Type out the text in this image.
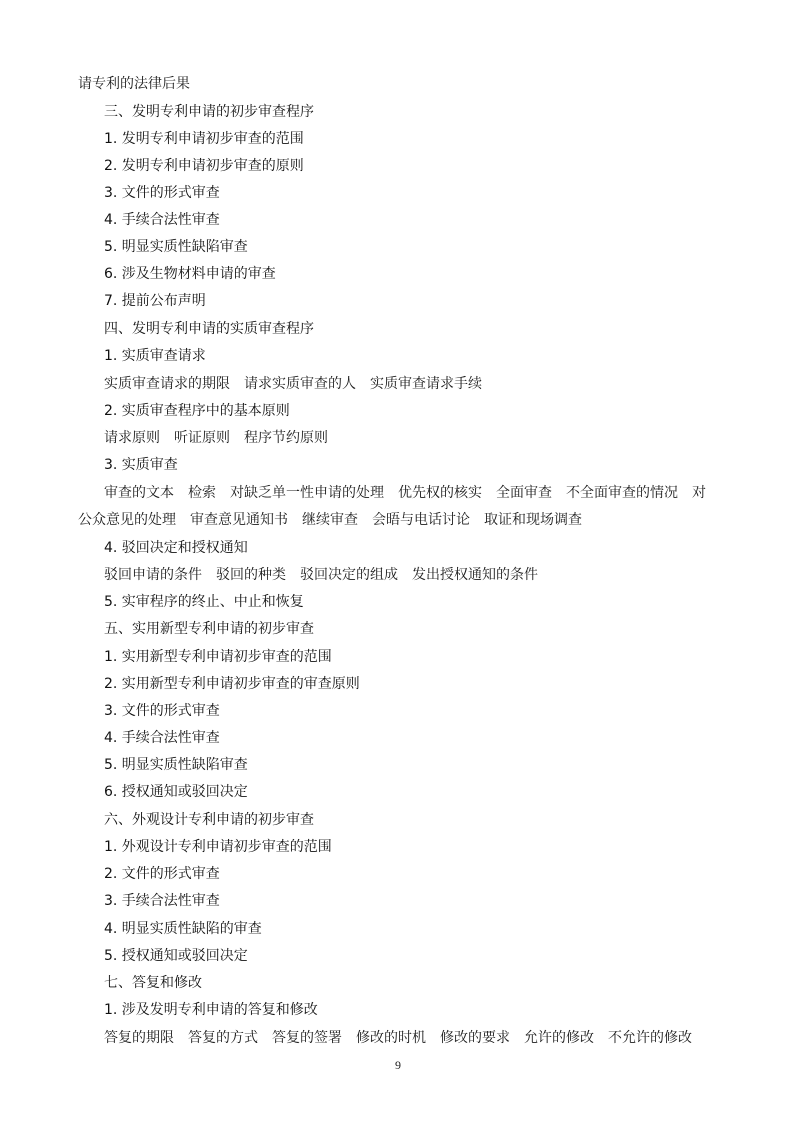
请专利的法律后果
三、发明专利申请的初步审查程序
1. 发明专利申请初步审查的范围
2. 发明专利申请初步审查的原则
3. 文件的形式审查
4. 手续合法性审查
5. 明显实质性缺陷审查
6. 涉及生物材料申请的审查
7. 提前公布声明
四、发明专利申请的实质审查程序
1. 实质审查请求
实质审查请求的期限　请求实质审查的人　实质审查请求手续
2. 实质审查程序中的基本原则
请求原则　听证原则　程序节约原则
3. 实质审查
审查的文本　检索　对缺乏单一性申请的处理　优先权的核实　全面审查　不全面审查的情况　对公众意见的处理　审查意见通知书　继续审查　会晤与电话讨论　取证和现场调查
4. 驳回决定和授权通知
驳回申请的条件　驳回的种类　驳回决定的组成　发出授权通知的条件
5. 实审程序的终止、中止和恢复
五、实用新型专利申请的初步审查
1. 实用新型专利申请初步审查的范围
2. 实用新型专利申请初步审查的审查原则
3. 文件的形式审查
4. 手续合法性审查
5. 明显实质性缺陷审查
6. 授权通知或驳回决定
六、外观设计专利申请的初步审查
1. 外观设计专利申请初步审查的范围
2. 文件的形式审查
3. 手续合法性审查
4. 明显实质性缺陷的审查
5. 授权通知或驳回决定
七、答复和修改
1. 涉及发明专利申请的答复和修改
答复的期限　答复的方式　答复的签署　修改的时机　修改的要求　允许的修改　不允许的修改
9
